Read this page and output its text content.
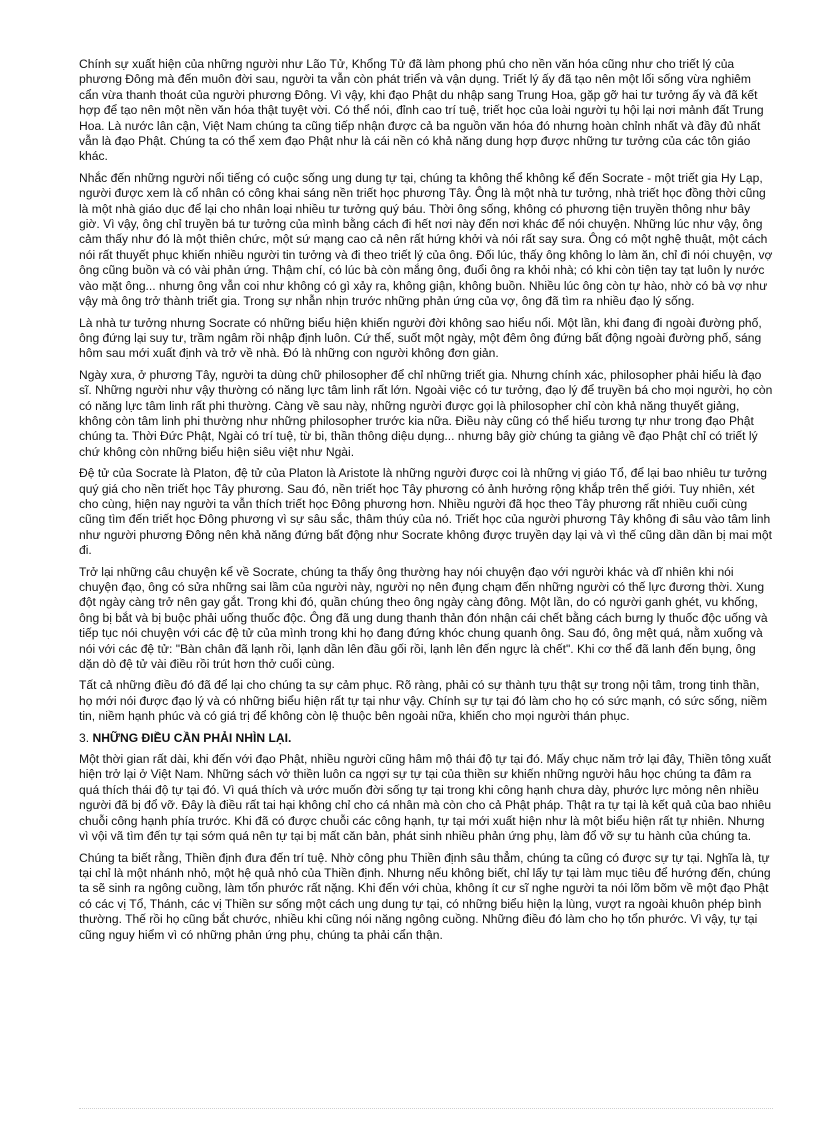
Chính sự xuất hiện của những người như Lão Tử, Khổng Tử đã làm phong phú cho nền văn hóa cũng như cho triết lý của phương Đông mà đến muôn đời sau, người ta vẫn còn phát triển và vận dụng. Triết lý ấy đã tạo nên một lối sống vừa nghiêm cẩn vừa thanh thoát của người phương Đông. Vì vậy, khi đạo Phật du nhập sang Trung Hoa, gặp gỡ hai tư tưởng ấy và đã kết hợp để tạo nên một nền văn hóa thật tuyệt vời. Có thể nói, đỉnh cao trí tuệ, triết học của loài người tụ hội lại nơi mảnh đất Trung Hoa. Là nước lân cận, Việt Nam chúng ta cũng tiếp nhận được cả ba nguồn văn hóa đó nhưng hoàn chỉnh nhất và đầy đủ nhất vẫn là đạo Phật. Chúng ta có thể xem đạo Phật như là cái nền có khả năng dung hợp được những tư tưởng của các tôn giáo khác.

Nhắc đến những người nổi tiếng có cuộc sống ung dung tự tại, chúng ta không thể không kể đến Socrate - một triết gia Hy Lạp, người được xem là cổ nhân có công khai sáng nền triết học phương Tây. Ông là một nhà tư tưởng, nhà triết học đồng thời cũng là một nhà giáo dục để lại cho nhân loại nhiều tư tưởng quý báu. Thời ông sống, không có phương tiện truyền thông như bây giờ. Vì vậy, ông chỉ truyền bá tư tưởng của mình bằng cách đi hết nơi này đến nơi khác để nói chuyện. Những lúc như vậy, ông cảm thấy như đó là một thiên chức, một sứ mạng cao cả nên rất hứng khởi và nói rất say sưa. Ông có một nghệ thuật, một cách nói rất thuyết phục khiến nhiều người tin tưởng và đi theo triết lý của ông. Đối lúc, thấy ông không lo làm ăn, chỉ đi nói chuyện, vợ ông cũng buồn và có vài phản ứng. Thậm chí, có lúc bà còn mắng ông, đuổi ông ra khỏi nhà; có khi còn tiện tay tạt luôn ly nước vào mặt ông... nhưng ông vẫn coi như không có gì xảy ra, không giận, không buồn. Nhiều lúc ông còn tự hào, nhờ có bà vợ như vậy mà ông trở thành triết gia. Trong sự nhẫn nhịn trước những phản ứng của vợ, ông đã tìm ra nhiều đạo lý sống.

Là nhà tư tưởng nhưng Socrate có những biểu hiện khiến người đời không sao hiểu nổi. Một lần, khi đang đi ngoài đường phố, ông đứng lại suy tư, trầm ngâm rồi nhập định luôn. Cứ thế, suốt một ngày, một đêm ông đứng bất động ngoài đường phố, sáng hôm sau mới xuất định và trở về nhà. Đó là những con người không đơn giản.

Ngày xưa, ở phương Tây, người ta dùng chữ philosopher để chỉ những triết gia. Nhưng chính xác, philosopher phải hiểu là đạo sĩ. Những người như vậy thường có năng lực tâm linh rất lớn. Ngoài việc có tư tưởng, đạo lý để truyền bá cho mọi người, họ còn có năng lực tâm linh rất phi thường. Càng về sau này, những người được gọi là philosopher chỉ còn khả năng thuyết giảng, không còn tâm linh phi thường như những philosopher trước kia nữa. Điều này cũng có thể hiểu tương tự như trong đạo Phật chúng ta. Thời Đức Phật, Ngài có trí tuệ, từ bi, thần thông diệu dụng... nhưng bây giờ chúng ta giảng về đạo Phật chỉ có triết lý chứ không còn những biểu hiện siêu việt như Ngài.

Đệ tử của Socrate là Platon, đệ tử của Platon là Aristote là những người được coi là những vị giáo Tổ, để lại bao nhiêu tư tưởng quý giá cho nền triết học Tây phương. Sau đó, nền triết học Tây phương có ảnh hưởng rộng khắp trên thế giới. Tuy nhiên, xét cho cùng, hiện nay người ta vẫn thích triết học Đông phương hơn. Nhiều người đã học theo Tây phương rất nhiều cuối cùng cũng tìm đến triết học Đông phương vì sự sâu sắc, thâm thúy của nó. Triết học của người phương Tây không đi sâu vào tâm linh như người phương Đông nên khả năng đứng bất động như Socrate không được truyền dạy lại và vì thế cũng dần dần bị mai một đi.

Trở lại những câu chuyện kể về Socrate, chúng ta thấy ông thường hay nói chuyện đạo với người khác và dĩ nhiên khi nói chuyện đạo, ông có sửa những sai lầm của người này, người nọ nên đụng chạm đến những người có thế lực đương thời. Xung đột ngày càng trở nên gay gắt. Trong khi đó, quần chúng theo ông ngày càng đông. Một lần, do có người ganh ghét, vu khống, ông bị bắt và bị buộc phải uống thuốc độc. Ông đã ung dung thanh thản đón nhận cái chết bằng cách bưng ly thuốc độc uống và tiếp tục nói chuyện với các đệ tử của mình trong khi họ đang đứng khóc chung quanh ông. Sau đó, ông mệt quá, nằm xuống và nói với các đệ tử: "Bàn chân đã lạnh rồi, lạnh dần lên đầu gối rồi, lạnh lên đến ngực là chết". Khi cơ thể đã lanh đến bụng, ông dặn dò đệ tử vài điều rồi trút hơn thở cuối cùng.

Tất cả những điều đó đã để lại cho chúng ta sự cảm phục. Rõ ràng, phải có sự thành tựu thật sự trong nội tâm, trong tinh thần, họ mới nói được đạo lý và có những biểu hiện rất tự tại như vậy. Chính sự tự tại đó làm cho họ có sức mạnh, có sức sống, niềm tin, niềm hạnh phúc và có giá trị để không còn lệ thuộc bên ngoài nữa, khiến cho mọi người thán phục.

3. NHỮNG ĐIỀU CẦN PHẢI NHÌN LẠI.

Một thời gian rất dài, khi đến với đạo Phật, nhiều người cũng hâm mộ thái độ tự tại đó. Mấy chục năm trở lại đây, Thiền tông xuất hiện trở lại ở Việt Nam. Những sách vở thiền luôn ca ngợi sự tự tại của thiền sư khiến những người hâu học chúng ta đâm ra quá thích thái độ tự tại đó. Vì quá thích và ước muốn đời sống tự tại trong khi công hạnh chưa dày, phước lực mỏng nên nhiều người đã bị đổ vỡ. Đây là điều rất tai hại không chỉ cho cá nhân mà còn cho cả Phật pháp. Thật ra tự tại là kết quả của bao nhiêu chuỗi công hạnh phía trước. Khi đã có được chuỗi các công hạnh, tự tại mới xuất hiện như là một biểu hiện rất tự nhiên. Nhưng vì vội vã tìm đến tự tại sớm quá nên tự tại bị mất căn bản, phát sinh nhiều phản ứng phụ, làm đổ vỡ sự tu hành của chúng ta.

Chúng ta biết rằng, Thiền định đưa đến trí tuệ. Nhờ công phu Thiền định sâu thẳm, chúng ta cũng có được sự tự tại. Nghĩa là, tự tại chỉ là một nhánh nhỏ, một hệ quả nhỏ của Thiền định. Nhưng nếu không biết, chỉ lấy tự tại làm mục tiêu để hướng đến, chúng ta sẽ sinh ra ngông cuồng, làm tổn phước rất nặng. Khi đến với chùa, không ít cư sĩ nghe người ta nói lõm bõm về một đạo Phật có các vị Tổ, Thánh, các vị Thiền sư sống một cách ung dung tự tại, có những biểu hiện lạ lùng, vượt ra ngoài khuôn phép bình thường. Thế rồi họ cũng bắt chước, nhiều khi cũng nói năng ngông cuồng. Những điều đó làm cho họ tổn phước. Vì vậy, tự tại cũng nguy hiểm vì có những phản ứng phụ, chúng ta phải cẩn thận.
